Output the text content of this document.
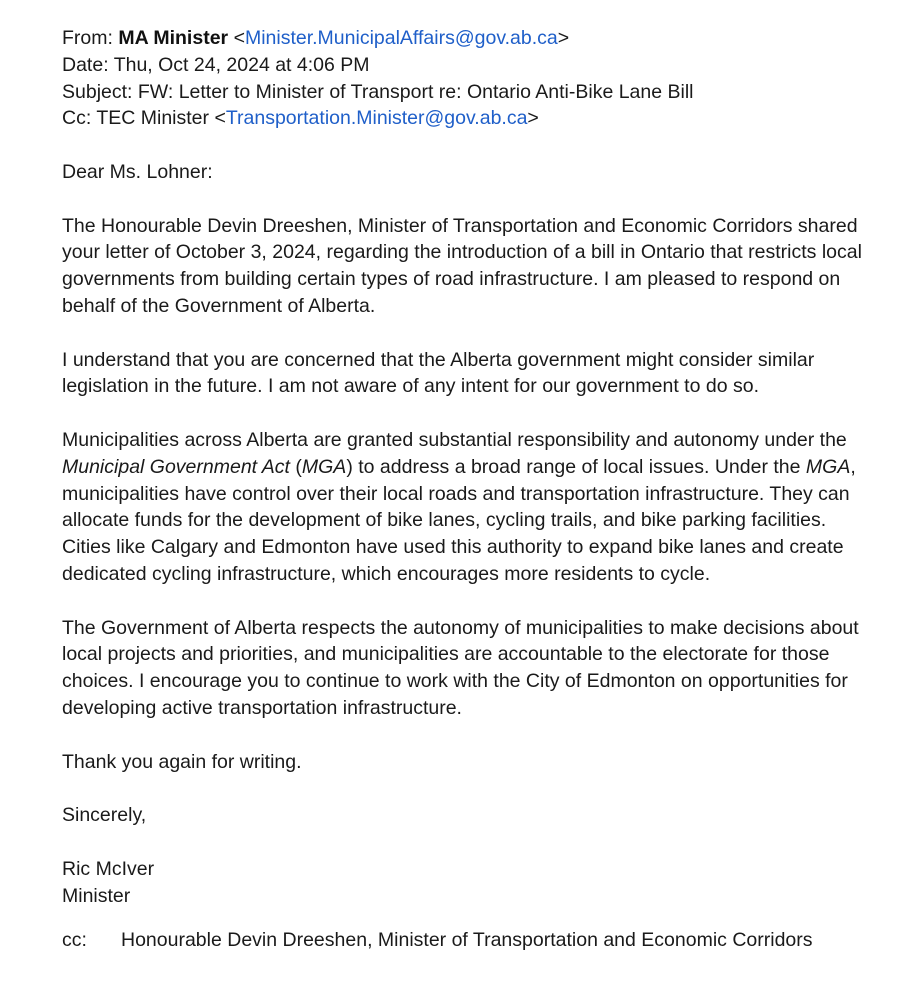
From: MA Minister <Minister.MunicipalAffairs@gov.ab.ca>
Date: Thu, Oct 24, 2024 at 4:06 PM
Subject: FW: Letter to Minister of Transport re: Ontario Anti-Bike Lane Bill
Cc: TEC Minister <Transportation.Minister@gov.ab.ca>

Dear Ms. Lohner:

The Honourable Devin Dreeshen, Minister of Transportation and Economic Corridors shared your letter of October 3, 2024, regarding the introduction of a bill in Ontario that restricts local governments from building certain types of road infrastructure. I am pleased to respond on behalf of the Government of Alberta.

I understand that you are concerned that the Alberta government might consider similar legislation in the future. I am not aware of any intent for our government to do so.

Municipalities across Alberta are granted substantial responsibility and autonomy under the Municipal Government Act (MGA) to address a broad range of local issues. Under the MGA, municipalities have control over their local roads and transportation infrastructure. They can allocate funds for the development of bike lanes, cycling trails, and bike parking facilities. Cities like Calgary and Edmonton have used this authority to expand bike lanes and create dedicated cycling infrastructure, which encourages more residents to cycle.

The Government of Alberta respects the autonomy of municipalities to make decisions about local projects and priorities, and municipalities are accountable to the electorate for those choices. I encourage you to continue to work with the City of Edmonton on opportunities for developing active transportation infrastructure.

Thank you again for writing.

Sincerely,

Ric McIver

Minister

cc:	Honourable Devin Dreeshen, Minister of Transportation and Economic Corridors
